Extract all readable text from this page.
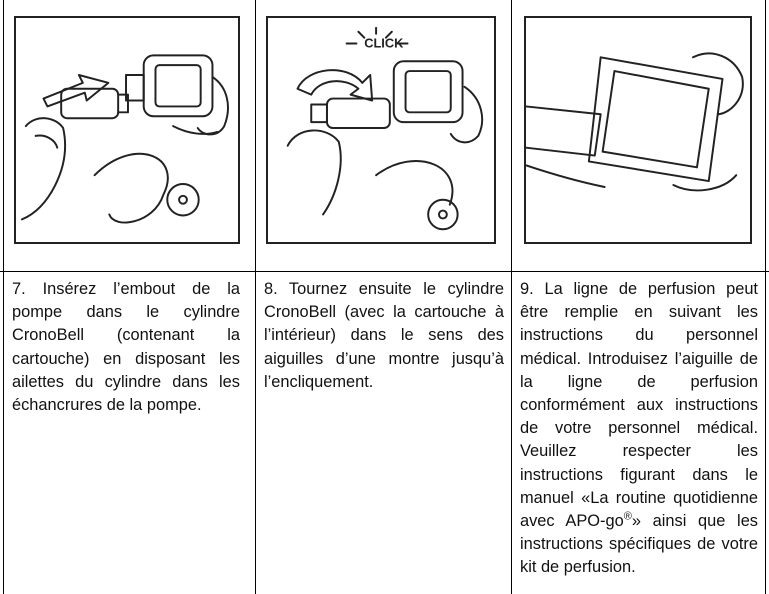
CLICK
7. Insérez l’embout de la pompe dans le cylindre CronoBell (contenant la cartouche) en disposant les ailettes du cylindre dans les échancrures de la pompe.
8. Tournez ensuite le cylindre CronoBell (avec la cartouche à l’intérieur) dans le sens des aiguilles d’une montre jusqu’à l’encliquement.
9. La ligne de perfusion peut être remplie en suivant les instructions du personnel médical. Introduisez l’aiguille de la ligne de perfusion conformément aux instructions de votre personnel médical. Veuillez respecter les instructions figurant dans le manuel «La routine quotidienne avec APO-go®» ainsi que les instructions spécifiques de votre kit de perfusion.
